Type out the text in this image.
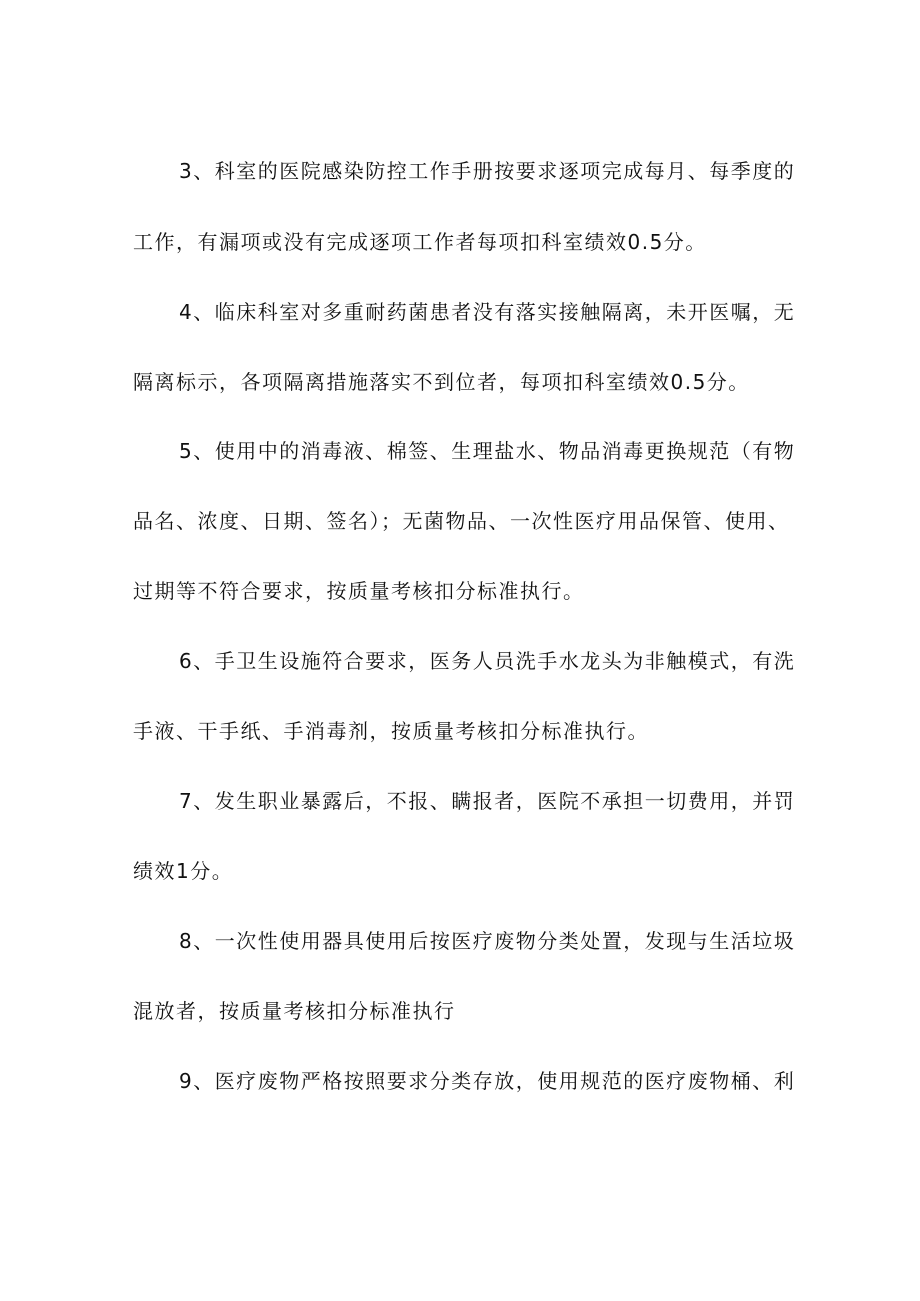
3、科室的医院感染防控工作手册按要求逐项完成每月、每季度的
工作，有漏项或没有完成逐项工作者每项扣科室绩效0.5分。
4、临床科室对多重耐药菌患者没有落实接触隔离，未开医嘱，无
隔离标示，各项隔离措施落实不到位者，每项扣科室绩效0.5分。
5、使用中的消毒液、棉签、生理盐水、物品消毒更换规范（有物
品名、浓度、日期、签名）；无菌物品、一次性医疗用品保管、使用、
过期等不符合要求，按质量考核扣分标准执行。
6、手卫生设施符合要求，医务人员洗手水龙头为非触模式，有洗
手液、干手纸、手消毒剂，按质量考核扣分标准执行。
7、发生职业暴露后，不报、瞒报者，医院不承担一切费用，并罚
绩效1分。
8、一次性使用器具使用后按医疗废物分类处置，发现与生活垃圾
混放者，按质量考核扣分标准执行
9、医疗废物严格按照要求分类存放，使用规范的医疗废物桶、利
